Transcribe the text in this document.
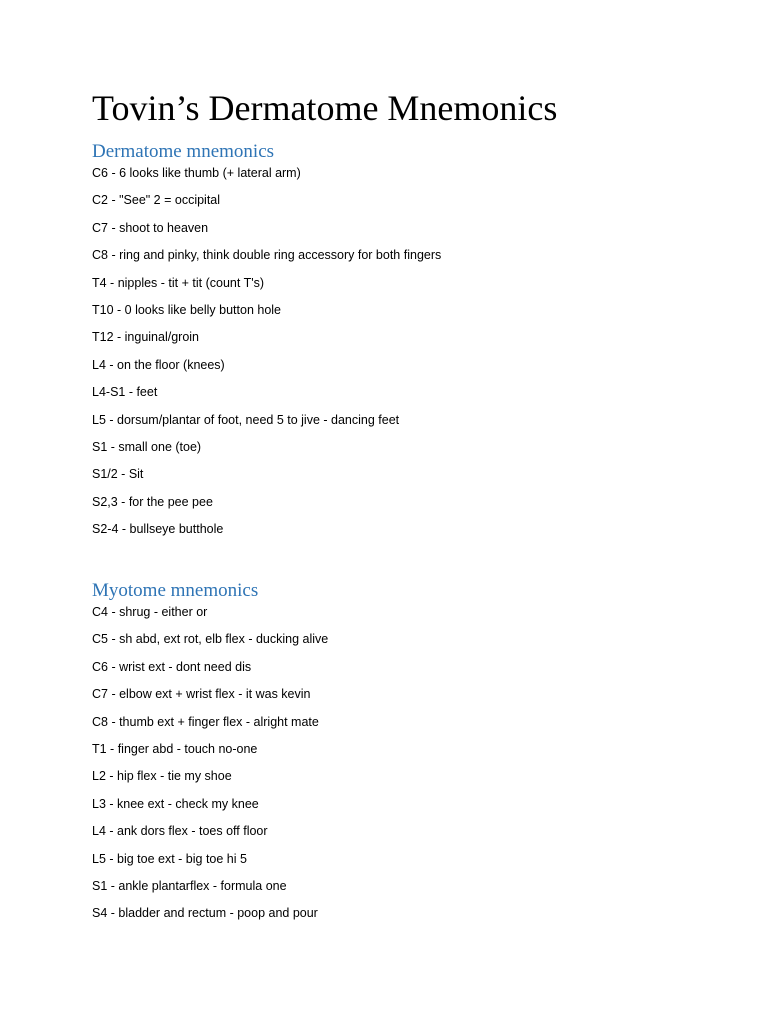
Tovin’s Dermatome Mnemonics
Dermatome mnemonics
C6 - 6 looks like thumb (+ lateral arm)
C2 - "See" 2 = occipital
C7 - shoot to heaven
C8 - ring and pinky, think double ring accessory for both fingers
T4 - nipples - tit + tit (count T's)
T10 - 0 looks like belly button hole
T12 - inguinal/groin
L4 - on the floor (knees)
L4-S1 - feet
L5 - dorsum/plantar of foot, need 5 to jive - dancing feet
S1 - small one (toe)
S1/2 - Sit
S2,3 - for the pee pee
S2-4 - bullseye butthole
Myotome mnemonics
C4 - shrug - either or
C5 - sh abd, ext rot, elb flex - ducking alive
C6 - wrist ext - dont need dis
C7 - elbow ext + wrist flex - it was kevin
C8 - thumb ext + finger flex - alright mate
T1 - finger abd - touch no-one
L2 - hip flex - tie my shoe
L3 - knee ext - check my knee
L4 - ank dors flex - toes off floor
L5 - big toe ext - big toe hi 5
S1 - ankle plantarflex - formula one
S4 - bladder and rectum - poop and pour
